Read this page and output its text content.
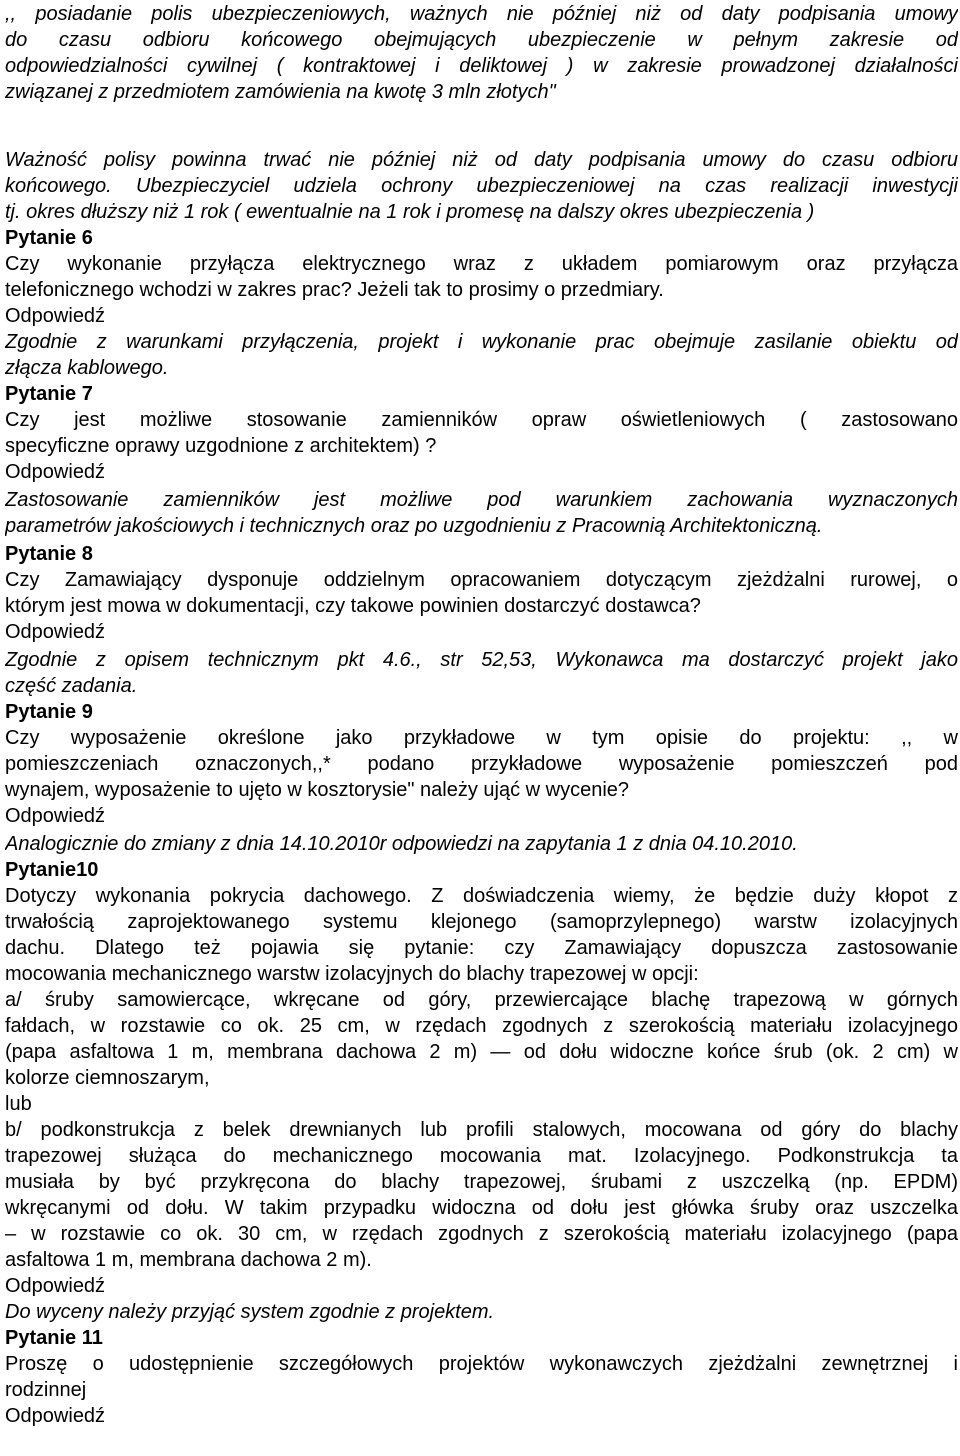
,, posiadanie polis ubezpieczeniowych, ważnych nie później niż od daty podpisania umowy
do czasu odbioru końcowego obejmujących ubezpieczenie w pełnym zakresie od
odpowiedzialności cywilnej ( kontraktowej i deliktowej ) w zakresie prowadzonej działalności
związanej z przedmiotem zamówienia na kwotę 3 mln złotych"
Ważność polisy powinna trwać nie później niż od daty podpisania umowy do czasu odbioru
końcowego. Ubezpieczyciel udziela ochrony ubezpieczeniowej na czas realizacji inwestycji
tj. okres dłuższy niż 1 rok ( ewentualnie na 1 rok i promesę na dalszy okres ubezpieczenia )
Pytanie 6
Czy wykonanie przyłącza elektrycznego wraz z układem pomiarowym oraz przyłącza
telefonicznego wchodzi w zakres prac? Jeżeli tak to prosimy o przedmiary.
Odpowiedź
Zgodnie z warunkami przyłączenia, projekt i wykonanie prac obejmuje zasilanie obiektu od
złącza kablowego.
Pytanie 7
Czy jest możliwe stosowanie zamienników opraw oświetleniowych ( zastosowano
specyficzne oprawy uzgodnione z architektem) ?
Odpowiedź
Zastosowanie zamienników jest możliwe pod warunkiem zachowania wyznaczonych
parametrów jakościowych i technicznych oraz po uzgodnieniu z Pracownią Architektoniczną.
Pytanie 8
Czy Zamawiający dysponuje oddzielnym opracowaniem dotyczącym zjeżdżalni rurowej, o
którym jest mowa w dokumentacji, czy takowe powinien dostarczyć dostawca?
Odpowiedź
Zgodnie z opisem technicznym pkt 4.6., str 52,53, Wykonawca ma dostarczyć projekt jako
część zadania.
Pytanie 9
Czy wyposażenie określone jako przykładowe w tym opisie do projektu: ,, w
pomieszczeniach oznaczonych,,* podano przykładowe wyposażenie pomieszczeń pod
wynajem, wyposażenie to ujęto w kosztorysie" należy ująć w wycenie?
Odpowiedź
Analogicznie do zmiany z dnia 14.10.2010r odpowiedzi na zapytania 1 z dnia 04.10.2010.
Pytanie10
Dotyczy wykonania pokrycia dachowego. Z doświadczenia wiemy, że będzie duży kłopot z
trwałością zaprojektowanego systemu klejonego (samoprzylepnego) warstw izolacyjnych
dachu. Dlatego też pojawia się pytanie: czy Zamawiający dopuszcza zastosowanie
mocowania mechanicznego warstw izolacyjnych do blachy trapezowej w opcji:
a/ śruby samowiercące, wkręcane od góry, przewiercające blachę trapezową w górnych
fałdach, w rozstawie co ok. 25 cm, w rzędach zgodnych z szerokością materiału izolacyjnego
(papa asfaltowa 1 m, membrana dachowa 2 m) — od dołu widoczne końce śrub (ok. 2 cm) w
kolorze ciemnoszarym,
lub
b/ podkonstrukcja z belek drewnianych lub profili stalowych, mocowana od góry do blachy
trapezowej służąca do mechanicznego mocowania mat. Izolacyjnego. Podkonstrukcja ta
musiała by być przykręcona do blachy trapezowej, śrubami z uszczelką (np. EPDM)
wkręcanymi od dołu. W takim przypadku widoczna od dołu jest główka śruby oraz uszczelka
– w rozstawie co ok. 30 cm, w rzędach zgodnych z szerokością materiału izolacyjnego (papa
asfaltowa 1 m, membrana dachowa 2 m).
Odpowiedź
Do wyceny należy przyjąć system zgodnie z projektem.
Pytanie 11
Proszę o udostępnienie szczegółowych projektów wykonawczych zjeżdżalni zewnętrznej i
rodzinnej
Odpowiedź
